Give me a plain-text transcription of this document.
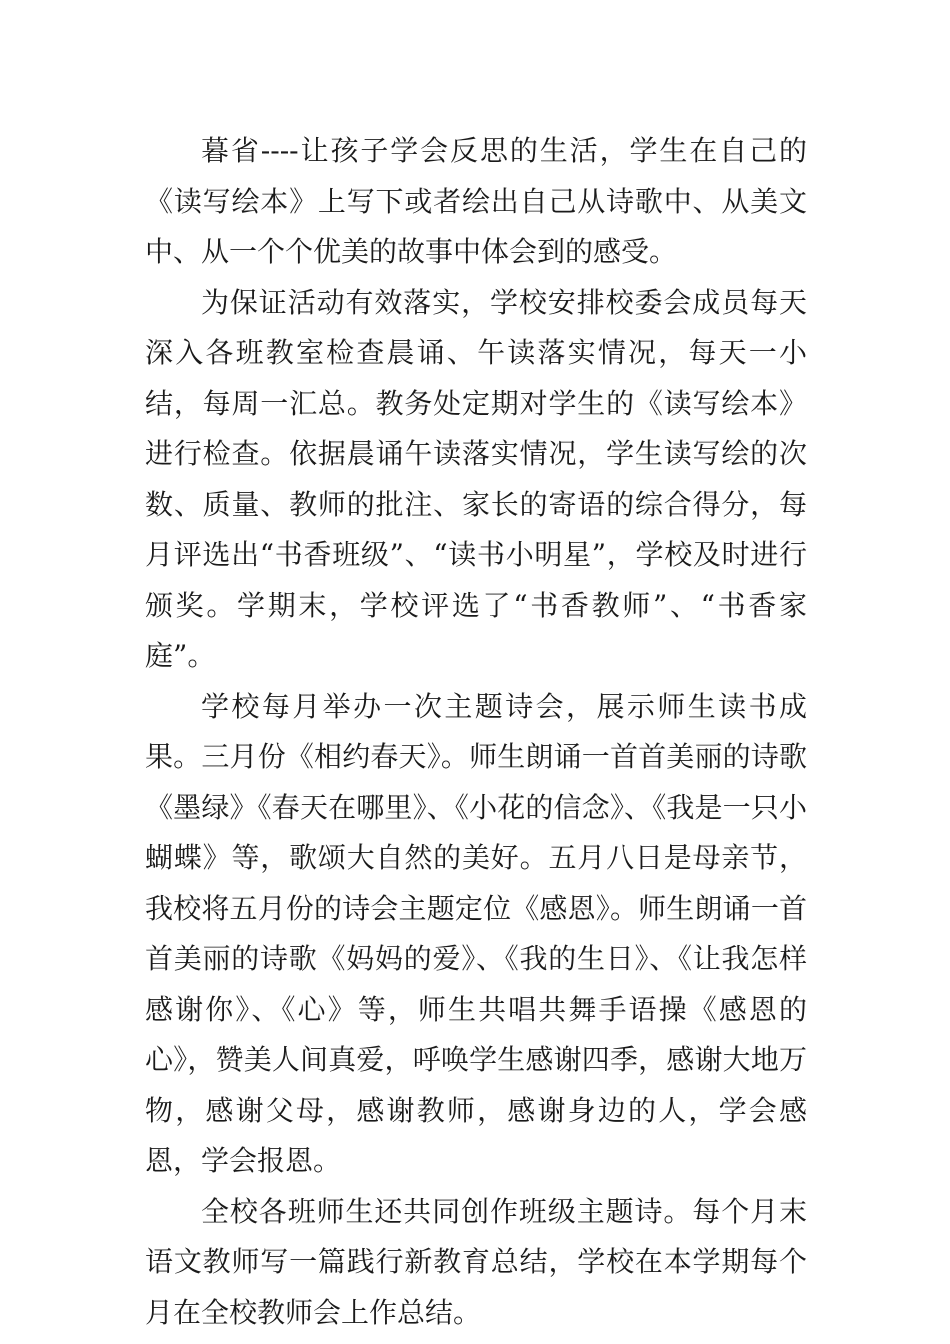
暮省----让孩子学会反思的生活，学生在自己的《读写绘本》上写下或者绘出自己从诗歌中、从美文中、从一个个优美的故事中体会到的感受。

为保证活动有效落实，学校安排校委会成员每天深入各班教室检查晨诵、午读落实情况，每天一小结，每周一汇总。教务处定期对学生的《读写绘本》进行检查。依据晨诵午读落实情况，学生读写绘的次数、质量、教师的批注、家长的寄语的综合得分，每月评选出“书香班级”、“读书小明星”，学校及时进行颁奖。学期末，学校评选了“书香教师”、“书香家庭”。

学校每月举办一次主题诗会，展示师生读书成果。三月份《相约春天》。师生朗诵一首首美丽的诗歌《墨绿》《春天在哪里》、《小花的信念》、《我是一只小蝴蝶》等，歌颂大自然的美好。五月八日是母亲节，我校将五月份的诗会主题定位《感恩》。师生朗诵一首首美丽的诗歌《妈妈的爱》、《我的生日》、《让我怎样感谢你》、《心》等，师生共唱共舞手语操《感恩的心》，赞美人间真爱，呼唤学生感谢四季，感谢大地万物，感谢父母，感谢教师，感谢身边的人，学会感恩，学会报恩。

全校各班师生还共同创作班级主题诗。每个月末语文教师写一篇践行新教育总结，学校在本学期每个月在全校教师会上作总结。
